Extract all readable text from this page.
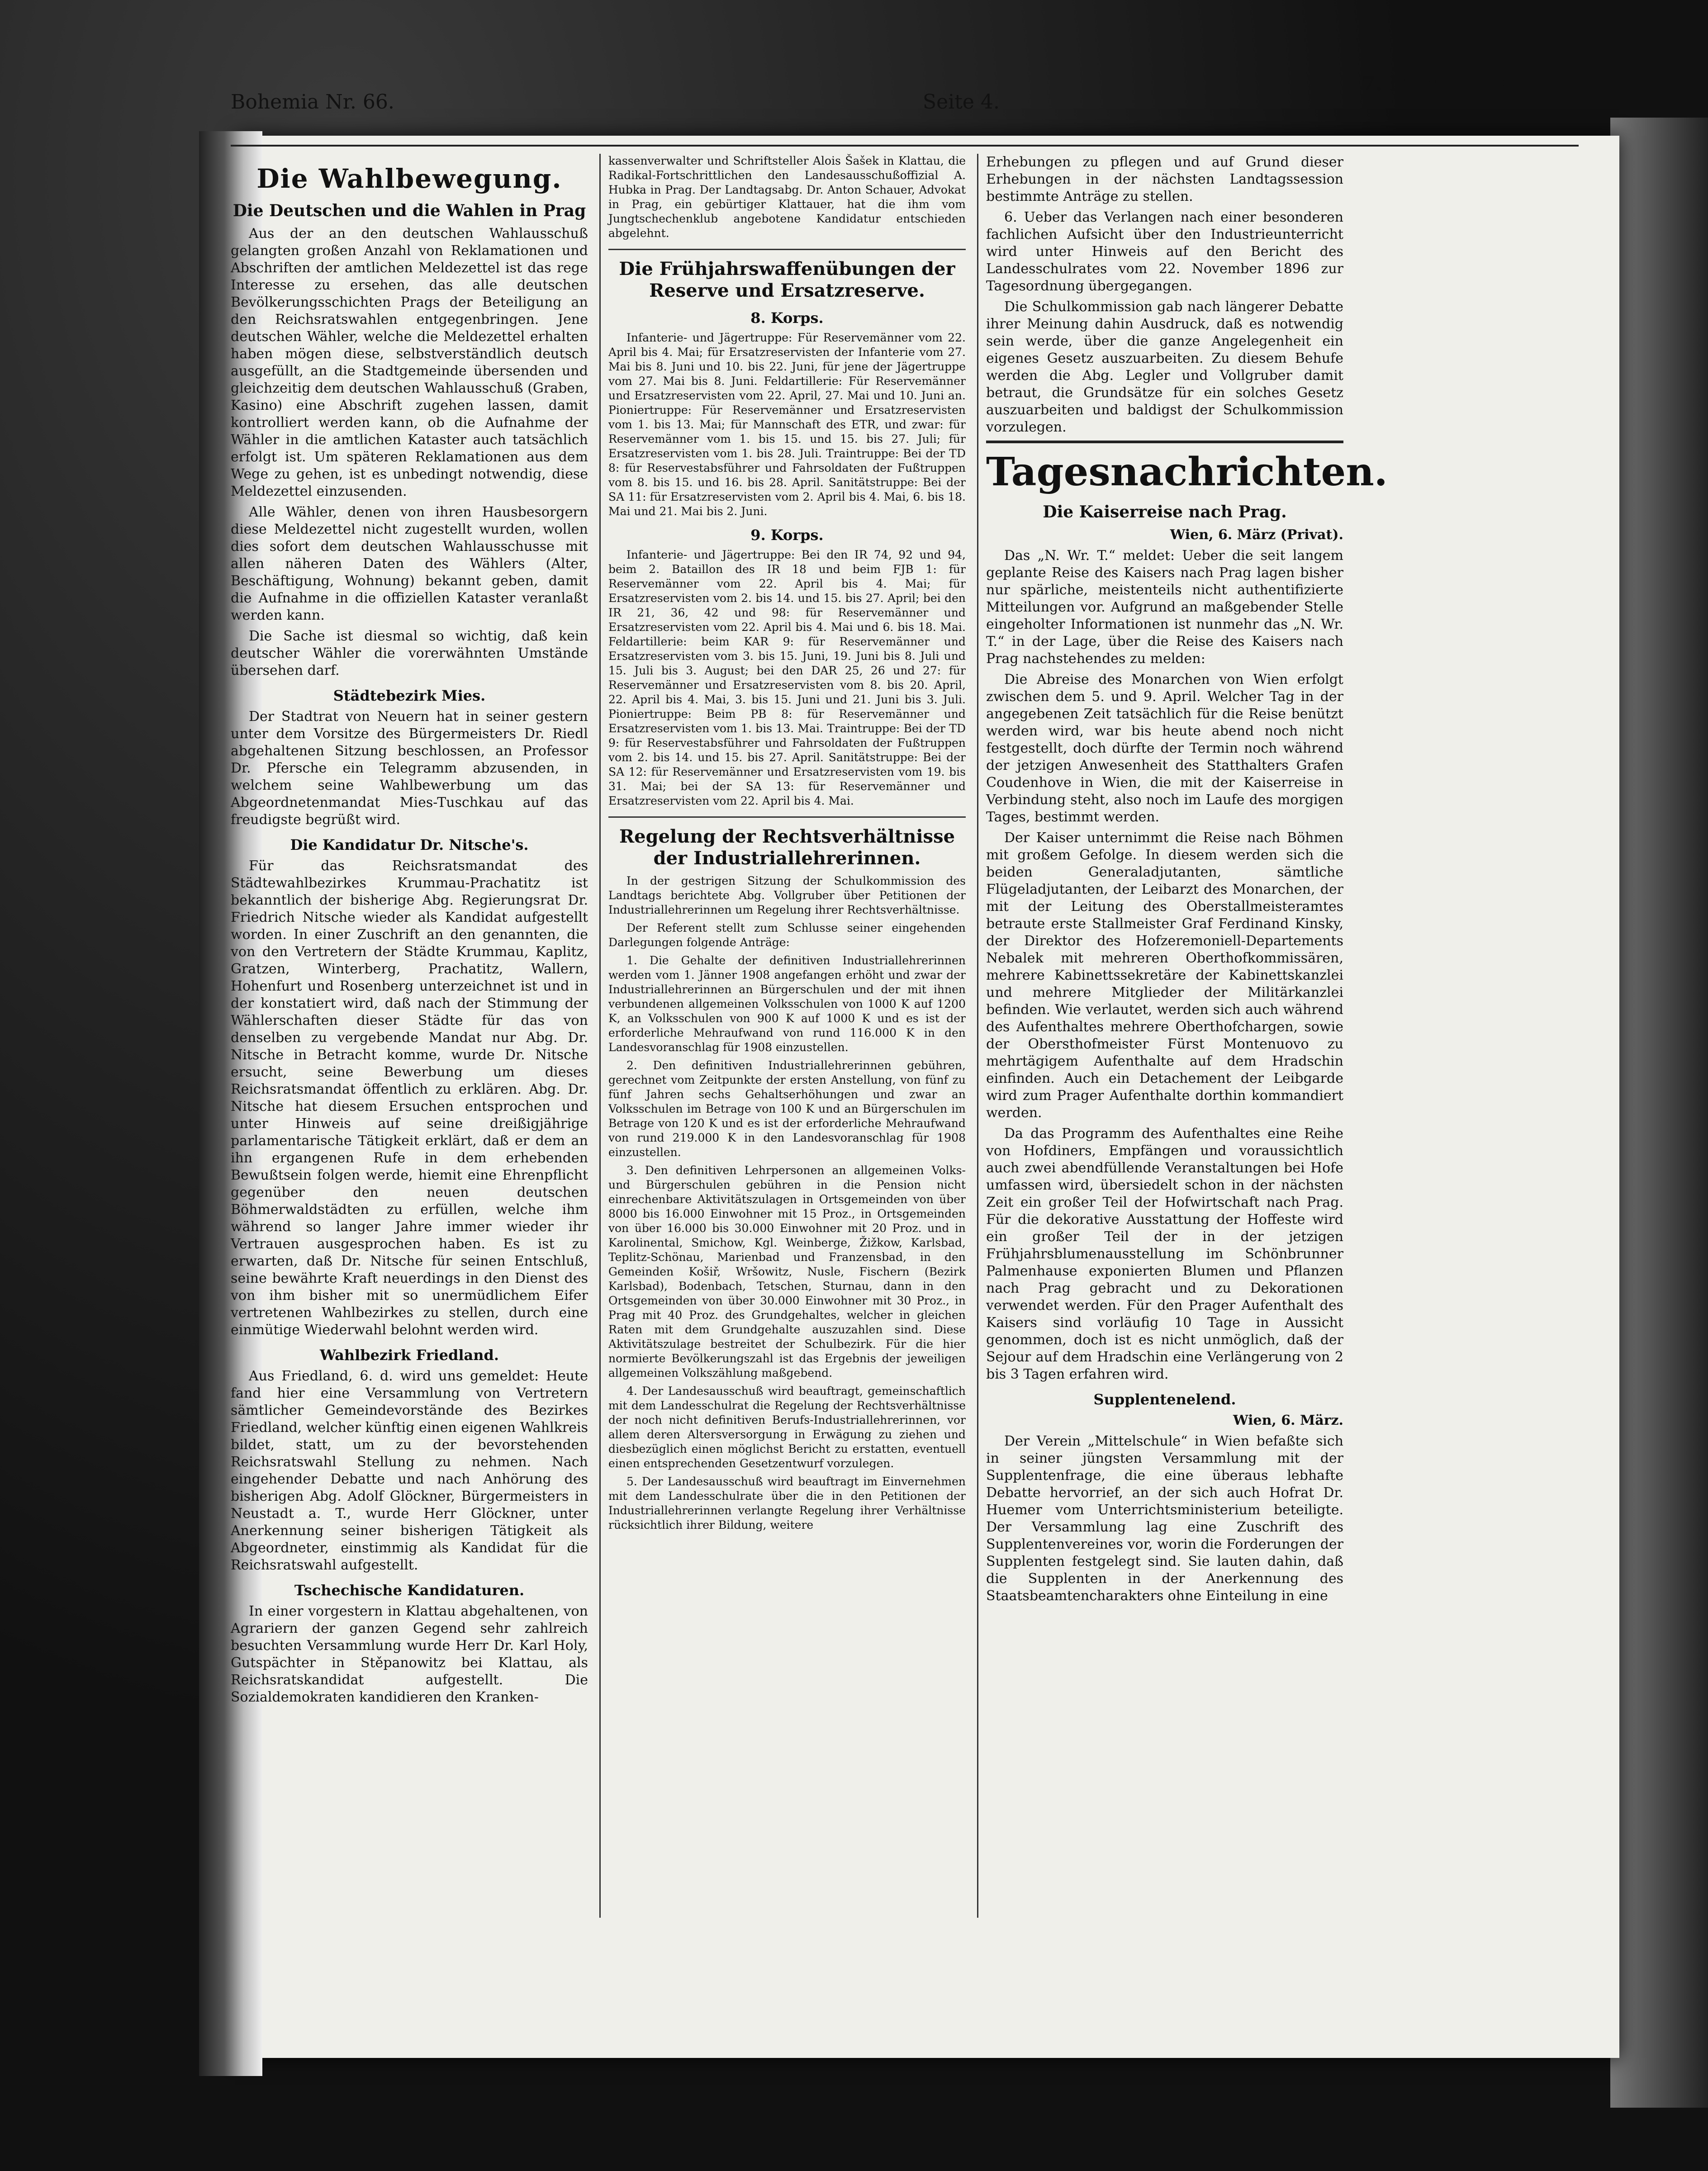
Bohemia Nr. 66.	Seite 4.
7. März 1907.
Die Wahlbewegung.
Die Deutschen und die Wahlen in Prag

Aus der an den deutschen Wahlausschuß gelangten großen Anzahl von Reklamationen und Abschriften der amtlichen Meldezettel ist das rege Interesse zu ersehen, das alle deutschen Bevölkerungsschichten Prags der Beteiligung an den Reichsratswahlen entgegenbringen. Jene deutschen Wähler, welche die Meldezettel erhalten haben mögen diese, selbstverständlich deutsch ausgefüllt, an die Stadtgemeinde übersenden und gleichzeitig dem deutschen Wahlausschuß (Graben, Kasino) eine Abschrift zugehen lassen, damit kontrolliert werden kann, ob die Aufnahme der Wähler in die amtlichen Kataster auch tatsächlich erfolgt ist. Um späteren Reklamationen aus dem Wege zu gehen, ist es unbedingt notwendig, diese Meldezettel einzusenden.

Alle Wähler, denen von ihren Hausbesorgern diese Meldezettel nicht zugestellt wurden, wollen dies sofort dem deutschen Wahlausschusse mit allen näheren Daten des Wählers (Alter, Beschäftigung, Wohnung) bekannt geben, damit die Aufnahme in die offiziellen Kataster veranlaßt werden kann.

Die Sache ist diesmal so wichtig, daß kein deutscher Wähler die vorerwähnten Umstände übersehen darf.

Städtebezirk Mies.

Der Stadtrat von Neuern hat in seiner gestern unter dem Vorsitze des Bürgermeisters Dr. Riedl abgehaltenen Sitzung beschlossen, an Professor Dr. Pfersche ein Telegramm abzusenden, in welchem seine Wahlbewerbung um das Abgeordnetenmandat Mies-Tuschkau auf das freudigste begrüßt wird.

Die Kandidatur Dr. Nitsche's.

Für das Reichsratsmandat des Städtewahlbezirkes Krummau-Prachatitz ist bekanntlich der bisherige Abg. Regierungsrat Dr. Friedrich Nitsche wieder als Kandidat aufgestellt worden. In einer Zuschrift an den genannten, die von den Vertretern der Städte Krummau, Kaplitz, Gratzen, Winterberg, Prachatitz, Wallern, Hohenfurt und Rosenberg unterzeichnet ist und in der konstatiert wird, daß nach der Stimmung der Wählerschaften dieser Städte für das von denselben zu vergebende Mandat nur Abg. Dr. Nitsche in Betracht komme, wurde Dr. Nitsche ersucht, seine Bewerbung um dieses Reichsratsmandat öffentlich zu erklären. Abg. Dr. Nitsche hat diesem Ersuchen entsprochen und unter Hinweis auf seine dreißigjährige parlamentarische Tätigkeit erklärt, daß er dem an ihn ergangenen Rufe in dem erhebenden Bewußtsein folgen werde, hiemit eine Ehrenpflicht gegenüber den neuen deutschen Böhmerwaldstädten zu erfüllen, welche ihm während so langer Jahre immer wieder ihr Vertrauen ausgesprochen haben. Es ist zu erwarten, daß Dr. Nitsche für seinen Entschluß, seine bewährte Kraft neuerdings in den Dienst des von ihm bisher mit so unermüdlichem Eifer vertretenen Wahlbezirkes zu stellen, durch eine einmütige Wiederwahl belohnt werden wird.

Wahlbezirk Friedland.

Aus Friedland, 6. d. wird uns gemeldet: Heute fand hier eine Versammlung von Vertretern sämtlicher Gemeindevorstände des Bezirkes Friedland, welcher künftig einen eigenen Wahlkreis bildet, statt, um zu der bevorstehenden Reichsratswahl Stellung zu nehmen. Nach eingehender Debatte und nach Anhörung des bisherigen Abg. Adolf Glöckner, Bürgermeisters in Neustadt a. T., wurde Herr Glöckner, unter Anerkennung seiner bisherigen Tätigkeit als Abgeordneter, einstimmig als Kandidat für die Reichsratswahl aufgestellt.

Tschechische Kandidaturen.

In einer vorgestern in Klattau abgehaltenen, von Agrariern der ganzen Gegend sehr zahlreich besuchten Versammlung wurde Herr Dr. Karl Holy, Gutspächter in Stěpanowitz bei Klattau, als Reichsratskandidat aufgestellt. Die Sozialdemokraten kandidieren den Kranken-

kassenverwalter und Schriftsteller Alois Šašek in Klattau, die Radikal-Fortschrittlichen den Landesausschußoffizial A. Hubka in Prag. Der Landtagsabg. Dr. Anton Schauer, Advokat in Prag, ein gebürtiger Klattauer, hat die ihm vom Jungtschechenklub angebotene Kandidatur entschieden abgelehnt.

Die Frühjahrswaffenübungen der Reserve und Ersatzreserve.
8. Korps.

Infanterie- und Jägertruppe: Für Reservemänner vom 22. April bis 4. Mai; für Ersatzreservisten der Infanterie vom 27. Mai bis 8. Juni und 10. bis 22. Juni, für jene der Jägertruppe vom 27. Mai bis 8. Juni. Feldartillerie: Für Reservemänner und Ersatzreservisten vom 22. April, 27. Mai und 10. Juni an. Pioniertruppe: Für Reservemänner und Ersatzreservisten vom 1. bis 13. Mai; für Mannschaft des ETR, und zwar: für Reservemänner vom 1. bis 15. und 15. bis 27. Juli; für Ersatzreservisten vom 1. bis 28. Juli. Traintruppe: Bei der TD 8: für Reservestabsführer und Fahrsoldaten der Fußtruppen vom 8. bis 15. und 16. bis 28. April. Sanitätstruppe: Bei der SA 11: für Ersatzreservisten vom 2. April bis 4. Mai, 6. bis 18. Mai und 21. Mai bis 2. Juni.

9. Korps.

Infanterie- und Jägertruppe: Bei den IR 74, 92 und 94, beim 2. Bataillon des IR 18 und beim FJB 1: für Reservemänner vom 22. April bis 4. Mai; für Ersatzreservisten vom 2. bis 14. und 15. bis 27. April; bei den IR 21, 36, 42 und 98: für Reservemänner und Ersatzreservisten vom 22. April bis 4. Mai und 6. bis 18. Mai. Feldartillerie: beim KAR 9: für Reservemänner und Ersatzreservisten vom 3. bis 15. Juni, 19. Juni bis 8. Juli und 15. Juli bis 3. August; bei den DAR 25, 26 und 27: für Reservemänner und Ersatzreservisten vom 8. bis 20. April, 22. April bis 4. Mai, 3. bis 15. Juni und 21. Juni bis 3. Juli. Pioniertruppe: Beim PB 8: für Reservemänner und Ersatzreservisten vom 1. bis 13. Mai. Traintruppe: Bei der TD 9: für Reservestabsführer und Fahrsoldaten der Fußtruppen vom 2. bis 14. und 15. bis 27. April. Sanitätstruppe: Bei der SA 12: für Reservemänner und Ersatzreservisten vom 19. bis 31. Mai; bei der SA 13: für Reservemänner und Ersatzreservisten vom 22. April bis 4. Mai.

Regelung der Rechtsverhältnisse der Industriallehrerinnen.

In der gestrigen Sitzung der Schulkommission des Landtags berichtete Abg. Vollgruber über Petitionen der Industriallehrerinnen um Regelung ihrer Rechtsverhältnisse.

Der Referent stellt zum Schlusse seiner eingehenden Darlegungen folgende Anträge:

1. Die Gehalte der definitiven Industriallehrerinnen werden vom 1. Jänner 1908 angefangen erhöht und zwar der Industriallehrerinnen an Bürgerschulen und der mit ihnen verbundenen allgemeinen Volksschulen von 1000 K auf 1200 K, an Volksschulen von 900 K auf 1000 K und es ist der erforderliche Mehraufwand von rund 116.000 K in den Landesvoranschlag für 1908 einzustellen.

2. Den definitiven Industriallehrerinnen gebühren, gerechnet vom Zeitpunkte der ersten Anstellung, von fünf zu fünf Jahren sechs Gehaltserhöhungen und zwar an Volksschulen im Betrage von 100 K und an Bürgerschulen im Betrage von 120 K und es ist der erforderliche Mehraufwand von rund 219.000 K in den Landesvoranschlag für 1908 einzustellen.

3. Den definitiven Lehrpersonen an allgemeinen Volks- und Bürgerschulen gebühren in die Pension nicht einrechenbare Aktivitätszulagen in Ortsgemeinden von über 8000 bis 16.000 Einwohner mit 15 Proz., in Ortsgemeinden von über 16.000 bis 30.000 Einwohner mit 20 Proz. und in Karolinental, Smichow, Kgl. Weinberge, Žižkow, Karlsbad, Teplitz-Schönau, Marienbad und Franzensbad, in den Gemeinden Košiř, Wršowitz, Nusle, Fischern (Bezirk Karlsbad), Bodenbach, Tetschen, Sturnau, dann in den Ortsgemeinden von über 30.000 Einwohner mit 30 Proz., in Prag mit 40 Proz. des Grundgehaltes, welcher in gleichen Raten mit dem Grundgehalte auszuzahlen sind. Diese Aktivitätszulage bestreitet der Schulbezirk. Für die hier normierte Bevölkerungszahl ist das Ergebnis der jeweiligen allgemeinen Volkszählung maßgebend.

4. Der Landesausschuß wird beauftragt, gemeinschaftlich mit dem Landesschulrat die Regelung der Rechtsverhältnisse der noch nicht definitiven Berufs-Industriallehrerinnen, vor allem deren Altersversorgung in Erwägung zu ziehen und diesbezüglich einen möglichst Bericht zu erstatten, eventuell einen entsprechenden Gesetzentwurf vorzulegen.

5. Der Landesausschuß wird beauftragt im Einvernehmen mit dem Landesschulrate über die in den Petitionen der Industriallehrerinnen verlangte Regelung ihrer Verhältnisse rücksichtlich ihrer Bildung, weitere

Erhebungen zu pflegen und auf Grund dieser Erhebungen in der nächsten Landtagssession bestimmte Anträge zu stellen.

6. Ueber das Verlangen nach einer besonderen fachlichen Aufsicht über den Industrieunterricht wird unter Hinweis auf den Bericht des Landesschulrates vom 22. November 1896 zur Tagesordnung übergegangen.

Die Schulkommission gab nach längerer Debatte ihrer Meinung dahin Ausdruck, daß es notwendig sein werde, über die ganze Angelegenheit ein eigenes Gesetz auszuarbeiten. Zu diesem Behufe werden die Abg. Legler und Vollgruber damit betraut, die Grundsätze für ein solches Gesetz auszuarbeiten und baldigst der Schulkommission vorzulegen.

Tagesnachrichten.
Die Kaiserreise nach Prag.
Wien, 6. März (Privat).

Das „N. Wr. T.“ meldet: Ueber die seit langem geplante Reise des Kaisers nach Prag lagen bisher nur spärliche, meistenteils nicht authentifizierte Mitteilungen vor. Aufgrund an maßgebender Stelle eingeholter Informationen ist nunmehr das „N. Wr. T.“ in der Lage, über die Reise des Kaisers nach Prag nachstehendes zu melden:

Die Abreise des Monarchen von Wien erfolgt zwischen dem 5. und 9. April. Welcher Tag in der angegebenen Zeit tatsächlich für die Reise benützt werden wird, war bis heute abend noch nicht festgestellt, doch dürfte der Termin noch während der jetzigen Anwesenheit des Statthalters Grafen Coudenhove in Wien, die mit der Kaiserreise in Verbindung steht, also noch im Laufe des morgigen Tages, bestimmt werden.

Der Kaiser unternimmt die Reise nach Böhmen mit großem Gefolge. In diesem werden sich die beiden Generaladjutanten, sämtliche Flügeladjutanten, der Leibarzt des Monarchen, der mit der Leitung des Oberstallmeisteramtes betraute erste Stallmeister Graf Ferdinand Kinsky, der Direktor des Hofzeremoniell-Departements Nebalek mit mehreren Oberthofkommissären, mehrere Kabinettssekretäre der Kabinettskanzlei und mehrere Mitglieder der Militärkanzlei befinden. Wie verlautet, werden sich auch während des Aufenthaltes mehrere Oberthofchargen, sowie der Obersthofmeister Fürst Montenuovo zu mehrtägigem Aufenthalte auf dem Hradschin einfinden. Auch ein Detachement der Leibgarde wird zum Prager Aufenthalte dorthin kommandiert werden.

Da das Programm des Aufenthaltes eine Reihe von Hofdiners, Empfängen und voraussichtlich auch zwei abendfüllende Veranstaltungen bei Hofe umfassen wird, übersiedelt schon in der nächsten Zeit ein großer Teil der Hofwirtschaft nach Prag. Für die dekorative Ausstattung der Hoffeste wird ein großer Teil der in der jetzigen Frühjahrsblumenausstellung im Schönbrunner Palmenhause exponierten Blumen und Pflanzen nach Prag gebracht und zu Dekorationen verwendet werden. Für den Prager Aufenthalt des Kaisers sind vorläufig 10 Tage in Aussicht genommen, doch ist es nicht unmöglich, daß der Sejour auf dem Hradschin eine Verlängerung von 2 bis 3 Tagen erfahren wird.

Supplentenelend.
Wien, 6. März.

Der Verein „Mittelschule“ in Wien befaßte sich in seiner jüngsten Versammlung mit der Supplentenfrage, die eine überaus lebhafte Debatte hervorrief, an der sich auch Hofrat Dr. Huemer vom Unterrichtsministerium beteiligte. Der Versammlung lag eine Zuschrift des Supplentenvereines vor, worin die Forderungen der Supplenten festgelegt sind. Sie lauten dahin, daß die Supplenten in der Anerkennung des Staatsbeamtencharakters ohne Einteilung in eine
